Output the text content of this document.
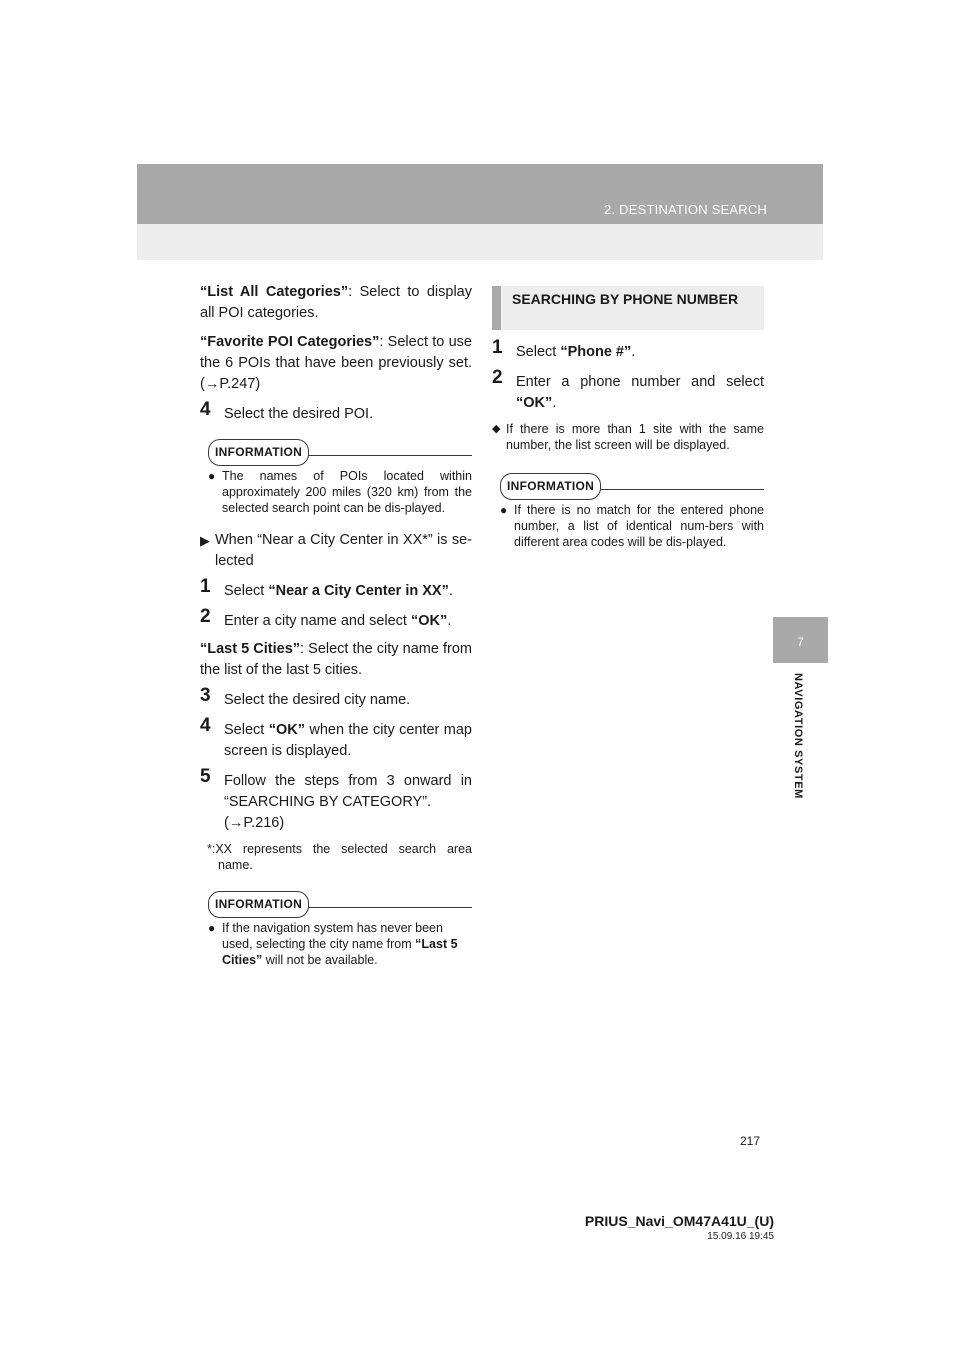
2. DESTINATION SEARCH
7
NAVIGATION SYSTEM

“List All Categories”: Select to display all POI categories.

“Favorite POI Categories”: Select to use the 6 POIs that have been previously set. (→P.247)

4 Select the desired POI.
INFORMATION
● The names of POIs located within approximately 200 miles (320 km) from the selected search point can be dis-played.
▶ When “Near a City Center in XX*” is se-lected
1 Select “Near a City Center in XX”.
2 Enter a city name and select “OK”.

“Last 5 Cities”: Select the city name from the list of the last 5 cities.

3 Select the desired city name.
4 Select “OK” when the city center map screen is displayed.
5 Follow the steps from 3 onward in “SEARCHING BY CATEGORY”.
(→P.216)
*:XX represents the selected search area name.
INFORMATION
● If the navigation system has never been used, selecting the city name from “Last 5 Cities” will not be available.
SEARCHING BY PHONE NUMBER
1 Select “Phone #”.
2 Enter a phone number and select “OK”.
◆ If there is more than 1 site with the same number, the list screen will be displayed.
INFORMATION
● If there is no match for the entered phone number, a list of identical num-bers with different area codes will be dis-played.
217
PRIUS_Navi_OM47A41U_(U)
15.09.16 19:45
